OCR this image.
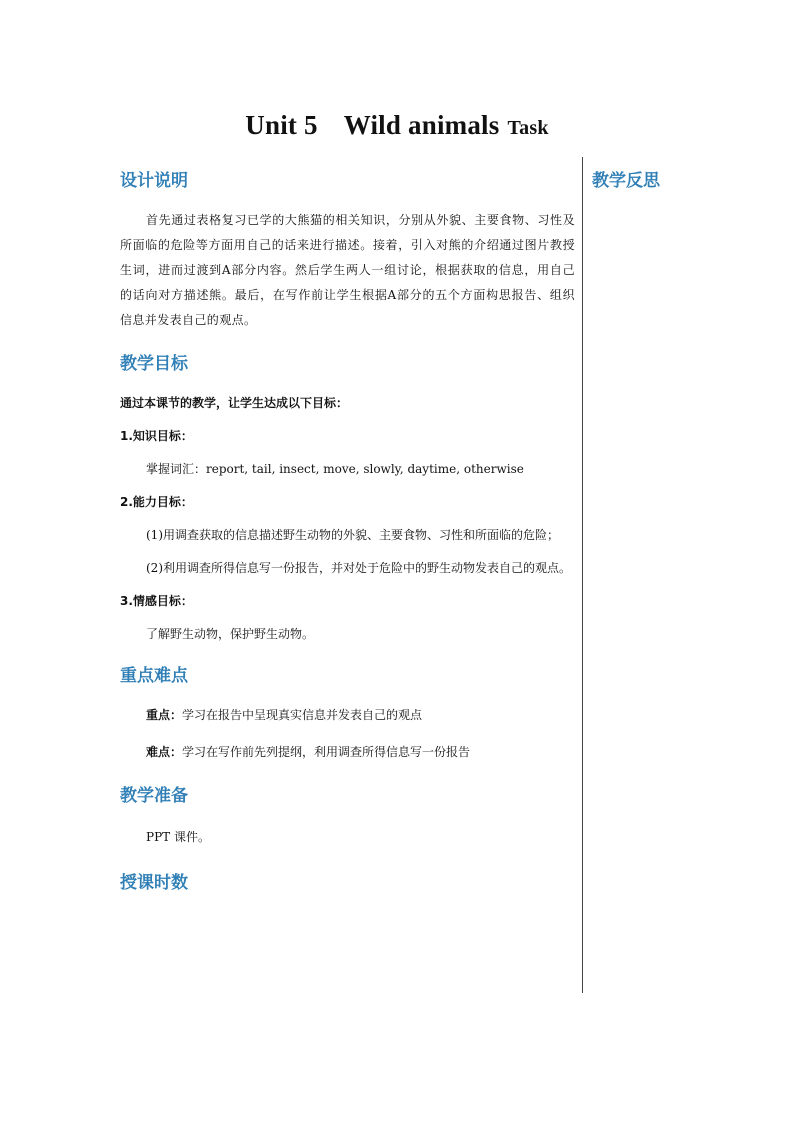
Unit 5 Wild animals Task
设计说明

首先通过表格复习已学的大熊猫的相关知识，分别从外貌、主要食物、习性及所面临的危险等方面用自己的话来进行描述。接着，引入对熊的介绍通过图片教授生词，进而过渡到A部分内容。然后学生两人一组讨论，根据获取的信息，用自己的话向对方描述熊。最后，在写作前让学生根据A部分的五个方面构思报告、组织信息并发表自己的观点。

教学目标

通过本课节的教学，让学生达成以下目标：

1.知识目标：

掌握词汇：report, tail, insect, move, slowly, daytime, otherwise

2.能力目标：

(1)用调查获取的信息描述野生动物的外貌、主要食物、习性和所面临的危险；

(2)利用调查所得信息写一份报告，并对处于危险中的野生动物发表自己的观点。

3.情感目标：

了解野生动物，保护野生动物。

重点难点

重点：学习在报告中呈现真实信息并发表自己的观点

难点：学习在写作前先列提纲，利用调查所得信息写一份报告

教学准备

PPT 课件。

授课时数
教学反思
